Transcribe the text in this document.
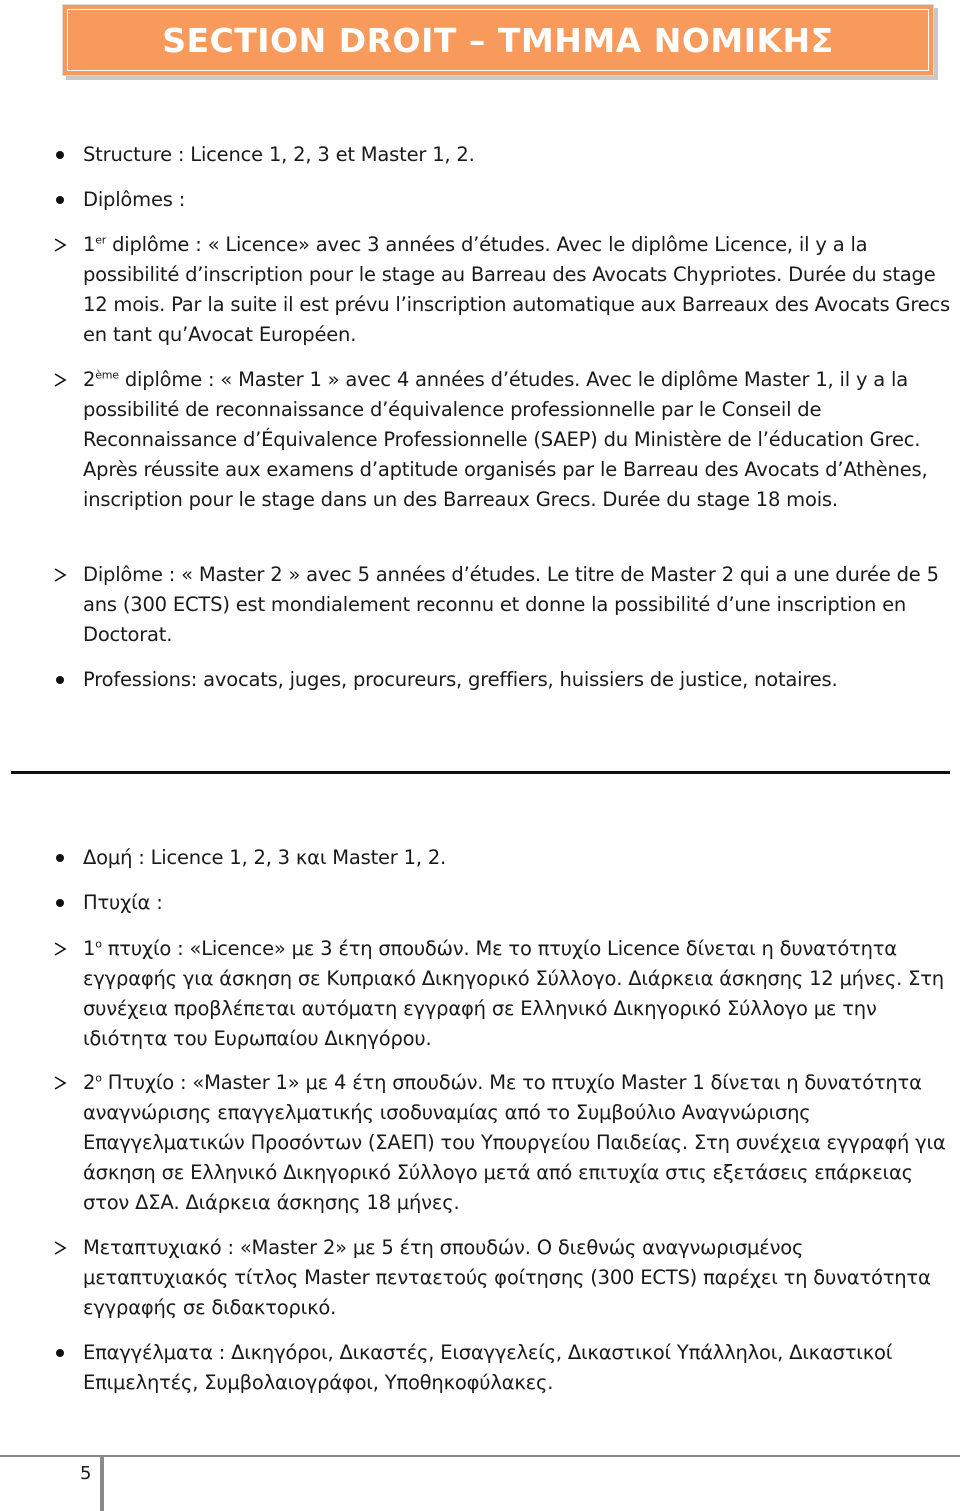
SECTION DROIT – ΤΜΗΜΑ ΝΟΜΙΚΗΣ
Structure : Licence 1, 2, 3 et Master 1, 2.
Diplômes :
1er diplôme : « Licence» avec 3 années d’études. Avec le diplôme Licence, il y a la possibilité d’inscription pour le stage au Barreau des Avocats Chypriotes. Durée du stage 12 mois. Par la suite il est prévu l’inscription automatique aux Barreaux des Avocats Grecs en tant qu’Avocat Européen.
2ème diplôme : « Master 1 » avec 4 années d’études. Avec le diplôme Master 1, il y a la possibilité de reconnaissance d’équivalence professionnelle par le Conseil de Reconnaissance d’Équivalence Professionnelle (SAEP) du Ministère de l’éducation Grec. Après réussite aux examens d’aptitude organisés par le Barreau des Avocats d’Athènes, inscription pour le stage dans un des Barreaux Grecs. Durée du stage 18 mois.
Diplôme : « Master 2 » avec 5 années d’études. Le titre de Master 2 qui a une durée de 5 ans (300 ECTS) est mondialement reconnu et donne la possibilité d’une inscription en Doctorat.
Professions: avocats, juges, procureurs, greffiers, huissiers de justice, notaires.
Δομή : Licence 1, 2, 3 και Master 1, 2.
Πτυχία :
$1^o$ πτυχίο : «Licence» με 3 έτη σπουδών. Με το πτυχίο Licence δίνεται η δυνατότητα εγγραφής για άσκηση σε Κυπριακό Δικηγορικό Σύλλογο. Διάρκεια άσκησης 12 μήνες. Στη συνέχεια προβλέπεται αυτόματη εγγραφή σε Ελληνικό Δικηγορικό Σύλλογο με την ιδιότητα του Ευρωπαίου Δικηγόρου.
$2^o$ Πτυχίο : «Master 1» με 4 έτη σπουδών. Με το πτυχίο Master 1 δίνεται η δυνατότητα αναγνώρισης επαγγελματικής ισοδυναμίας από το Συμβούλιο Αναγνώρισης Επαγγελματικών Προσόντων (ΣΑΕΠ) του Υπουργείου Παιδείας. Στη συνέχεια εγγραφή για άσκηση σε Ελληνικό Δικηγορικό Σύλλογο μετά από επιτυχία στις εξετάσεις επάρκειας στον ΔΣΑ. Διάρκεια άσκησης 18 μήνες.
Μεταπτυχιακό : «Master 2» με 5 έτη σπουδών. Ο διεθνώς αναγνωρισμένος μεταπτυχιακός τίτλος Master πενταετούς φοίτησης (300 ECTS) παρέχει τη δυνατότητα εγγραφής σε διδακτορικό.
Επαγγέλματα : Δικηγόροι, Δικαστές, Εισαγγελείς, Δικαστικοί Υπάλληλοι, Δικαστικοί Επιμελητές, Συμβολαιογράφοι, Υποθηκοφύλακες.
5
